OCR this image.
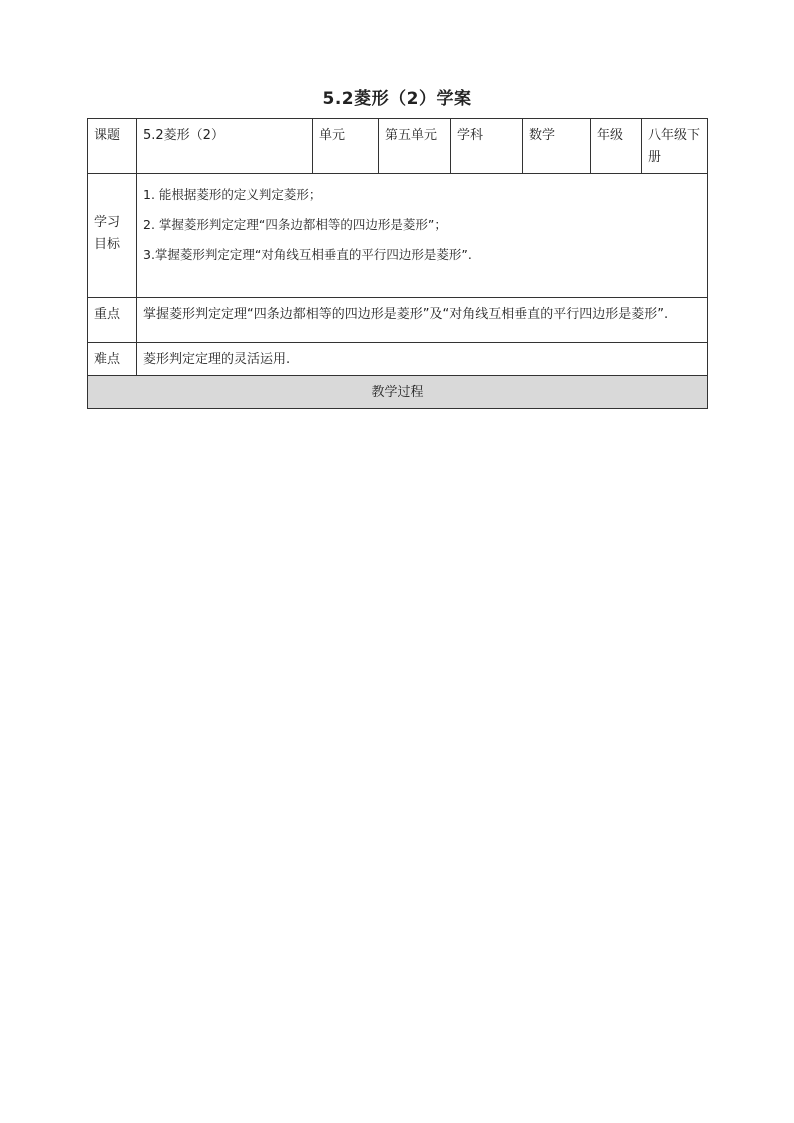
5.2菱形（2）学案
课题	5.2菱形（2）	单元	第五单元	学科	数学	年级	八年级下册
学习目标	1. 能根据菱形的定义判定菱形；
2. 掌握菱形判定定理“四条边都相等的四边形是菱形”；
3.掌握菱形判定定理“对角线互相垂直的平行四边形是菱形”.						

重点	掌握菱形判定定理“四条边都相等的四边形是菱形”及“对角线互相垂直的平行四边形是菱形”.						
难点	菱形判定定理的灵活运用.						
教学过程							
